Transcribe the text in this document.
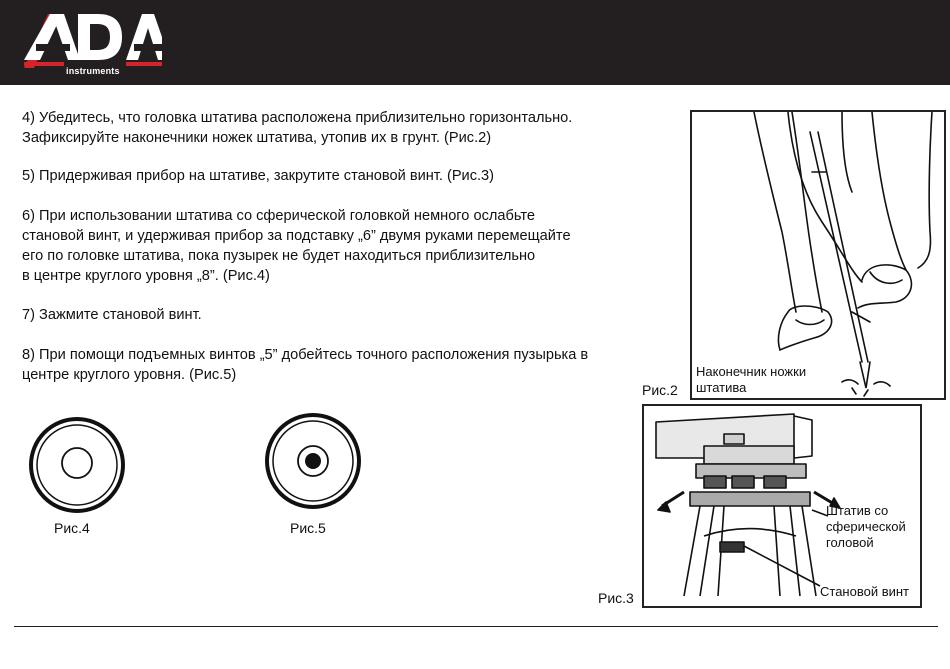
instruments
4) Убедитесь, что головка штатива расположена приблизительно горизонтально.
Зафиксируйте наконечники ножек штатива, утопив их в грунт. (Рис.2)
5) Придерживая прибор на штативе, закрутите становой винт. (Рис.3)
6) При использовании штатива со сферической головкой немного ослабьте
становой винт, и удерживая прибор за подставку „6” двумя руками перемещайте
его по головке штатива, пока пузырек не будет находиться приблизительно
в центре круглого уровня „8”. (Рис.4)
7) Зажмите становой винт.
8) При помощи подъемных винтов „5” добейтесь точного расположения пузырька в
центре круглого уровня. (Рис.5)
Рис.4	Рис.5
Наконечник ножки
штатива
Рис.2
Штатив со
сферической
головой
Становой винт
Рис.3
